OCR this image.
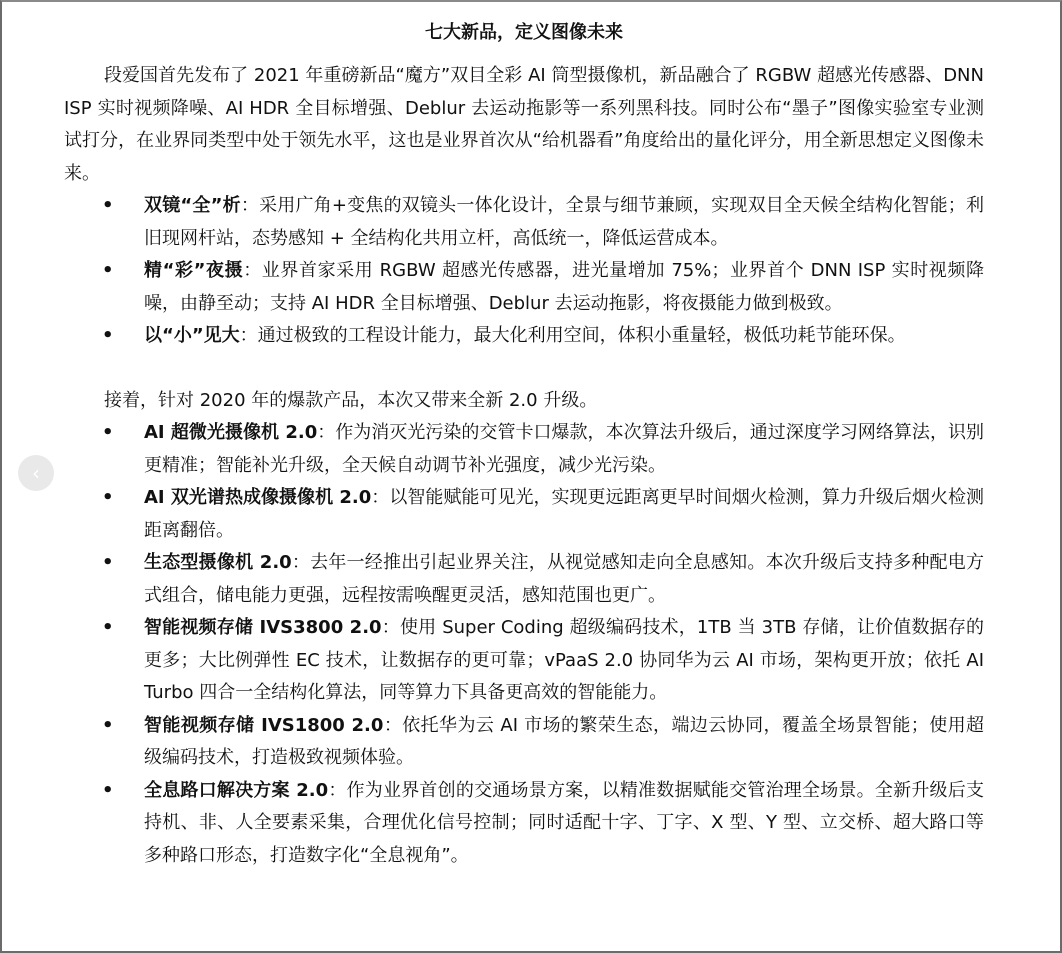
七大新品，定义图像未来

段爱国首先发布了 2021 年重磅新品“魔方”双目全彩 AI 筒型摄像机，新品融合了 RGBW 超感光传感器、DNN ISP 实时视频降噪、AI HDR 全目标增强、Deblur 去运动拖影等一系列黑科技。同时公布“墨子”图像实验室专业测试打分，在业界同类型中处于领先水平，这也是业界首次从“给机器看”角度给出的量化评分，用全新思想定义图像未来。

• 双镜“全”析：采用广角+变焦的双镜头一体化设计，全景与细节兼顾，实现双目全天候全结构化智能；利旧现网杆站，态势感知 + 全结构化共用立杆，高低统一，降低运营成本。
• 精“彩”夜摄：业界首家采用 RGBW 超感光传感器，进光量增加 75%；业界首个 DNN ISP 实时视频降噪，由静至动；支持 AI HDR 全目标增强、Deblur 去运动拖影，将夜摄能力做到极致。
• 以“小”见大：通过极致的工程设计能力，最大化利用空间，体积小重量轻，极低功耗节能环保。

接着，针对 2020 年的爆款产品，本次又带来全新 2.0 升级。

• AI 超微光摄像机 2.0：作为消灭光污染的交管卡口爆款，本次算法升级后，通过深度学习网络算法，识别更精准；智能补光升级，全天候自动调节补光强度，减少光污染。
• AI 双光谱热成像摄像机 2.0：以智能赋能可见光，实现更远距离更早时间烟火检测，算力升级后烟火检测距离翻倍。
• 生态型摄像机 2.0：去年一经推出引起业界关注，从视觉感知走向全息感知。本次升级后支持多种配电方式组合，储电能力更强，远程按需唤醒更灵活，感知范围也更广。
• 智能视频存储 IVS3800 2.0：使用 Super Coding 超级编码技术，1TB 当 3TB 存储，让价值数据存的更多；大比例弹性 EC 技术，让数据存的更可靠；vPaaS 2.0 协同华为云 AI 市场，架构更开放；依托 AI Turbo 四合一全结构化算法，同等算力下具备更高效的智能能力。
• 智能视频存储 IVS1800 2.0：依托华为云 AI 市场的繁荣生态，端边云协同，覆盖全场景智能；使用超级编码技术，打造极致视频体验。
• 全息路口解决方案 2.0：作为业界首创的交通场景方案，以精准数据赋能交管治理全场景。全新升级后支持机、非、人全要素采集，合理优化信号控制；同时适配十字、丁字、X 型、Y 型、立交桥、超大路口等多种路口形态，打造数字化“全息视角”。
‹
